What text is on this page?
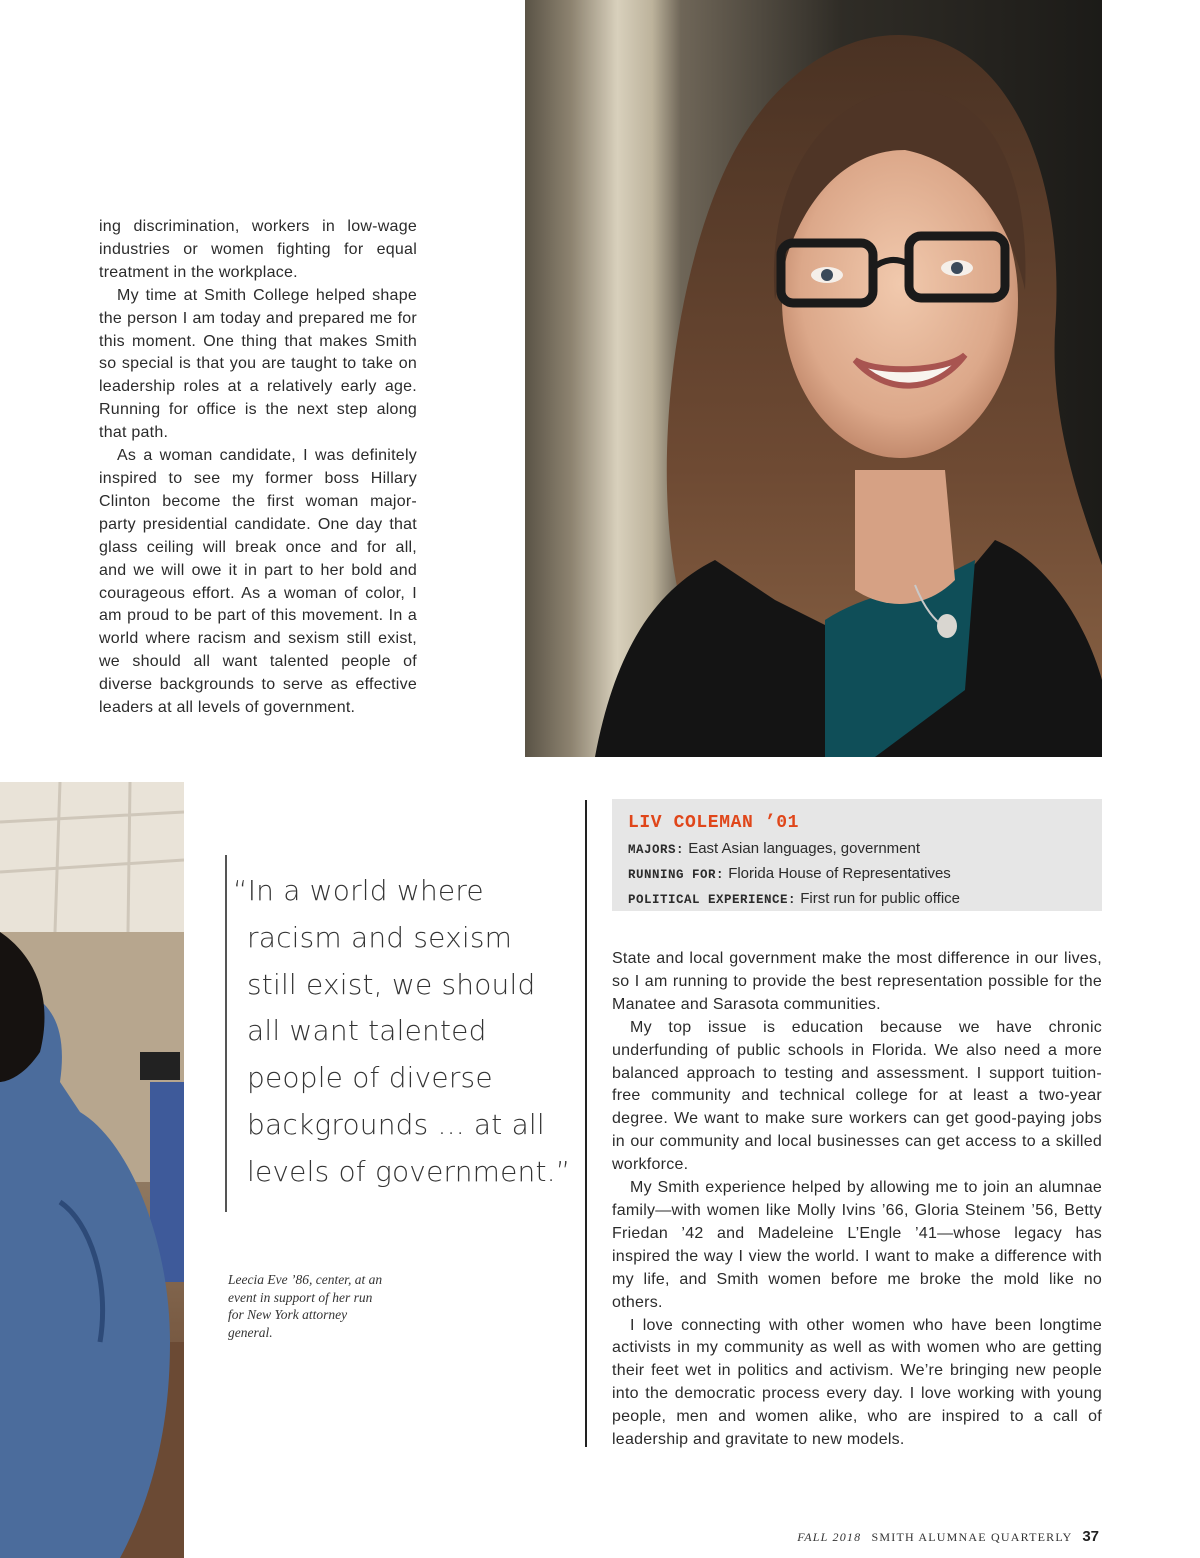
ing discrimination, workers in low-wage industries or women fighting for equal treatment in the workplace.

My time at Smith College helped shape the person I am today and prepared me for this moment. One thing that makes Smith so special is that you are taught to take on leadership roles at a relatively early age. Running for office is the next step along that path.

As a woman candidate, I was definitely inspired to see my former boss Hillary Clinton become the first woman major-party presidential candidate. One day that glass ceiling will break once and for all, and we will owe it in part to her bold and courageous effort. As a woman of color, I am proud to be part of this movement. In a world where racism and sexism still exist, we should all want talented people of diverse backgrounds to serve as effective leaders at all levels of government.

“In a world where
racism and sexism
still exist, we should
all want talented
people of diverse
backgrounds ... at all
levels of government.”
Leecia Eve ’86, center, at an event in support of her run for New York attorney general.
LIV COLEMAN ’01
MAJORS: East Asian languages, government
RUNNING FOR: Florida House of Representatives
POLITICAL EXPERIENCE: First run for public office

State and local government make the most difference in our lives, so I am running to provide the best representation possible for the Manatee and Sarasota communities.

My top issue is education because we have chronic underfunding of public schools in Florida. We also need a more balanced approach to testing and assessment. I support tuition-free community and technical college for at least a two-year degree. We want to make sure workers can get good-paying jobs in our community and local businesses can get access to a skilled workforce.

My Smith experience helped by allowing me to join an alumnae family—with women like Molly Ivins ’66, Gloria Steinem ’56, Betty Friedan ’42 and Madeleine L’Engle ’41—whose legacy has inspired the way I view the world. I want to make a difference with my life, and Smith women before me broke the mold like no others.

I love connecting with other women who have been longtime activists in my community as well as with women who are getting their feet wet in politics and activism. We’re bringing new people into the democratic process every day. I love working with young people, men and women alike, who are inspired to a call of leadership and gravitate to new models.

FALL 2018 SMITH ALUMNAE QUARTERLY 37
